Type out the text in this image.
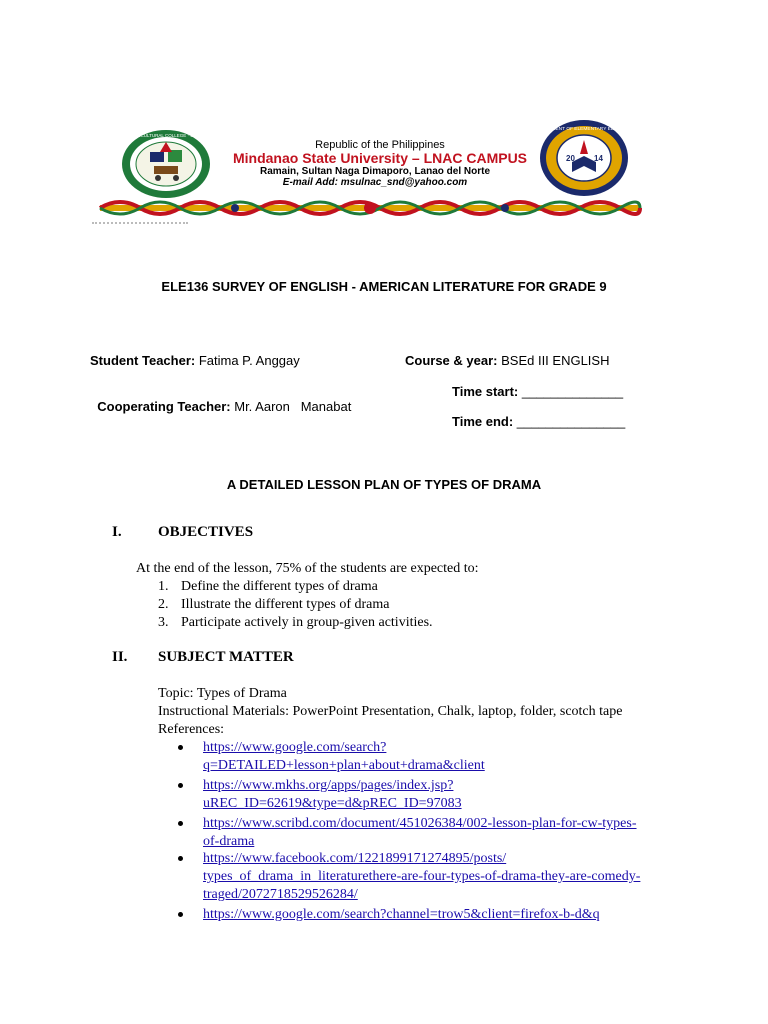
LANAO NORTE AGRICULTURAL COLLEGE · Sultan Naga Dimaporo
Republic of the Philippines
Mindanao State University – LNAC CAMPUS
Ramain, Sultan Naga Dimaporo, Lanao del Norte
E-mail Add: msulnac_snd@yahoo.com
20 14
DEPARTMENT OF ELEMENTARY EDUCATION
ELE136 SURVEY OF ENGLISH - AMERICAN LITERATURE FOR GRADE 9
Student Teacher: Fatima P. Anggay	Course & year: BSEd III ENGLISH

Cooperating Teacher: Mr. Aaron   Manabat

Time start: ______________
Time end: _______________
A DETAILED LESSON PLAN OF TYPES OF DRAMA
I. OBJECTIVES
At the end of the lesson, 75% of the students are expected to:
1. Define the different types of drama
2. Illustrate the different types of drama
3. Participate actively in group-given activities.
II. SUBJECT MATTER
Topic: Types of Drama
Instructional Materials: PowerPoint Presentation, Chalk, laptop, folder, scotch tape
References:
https://www.google.com/search?
q=DETAILED+lesson+plan+about+drama&client
https://www.mkhs.org/apps/pages/index.jsp?
uREC_ID=62619&type=d&pREC_ID=97083
https://www.scribd.com/document/451026384/002-lesson-plan-for-cw-types-
of-drama
https://www.facebook.com/1221899171274895/posts/
types_of_drama_in_literaturethere-are-four-types-of-drama-they-are-comedy-
traged/2072718529526284/
https://www.google.com/search?channel=trow5&client=firefox-b-d&q
